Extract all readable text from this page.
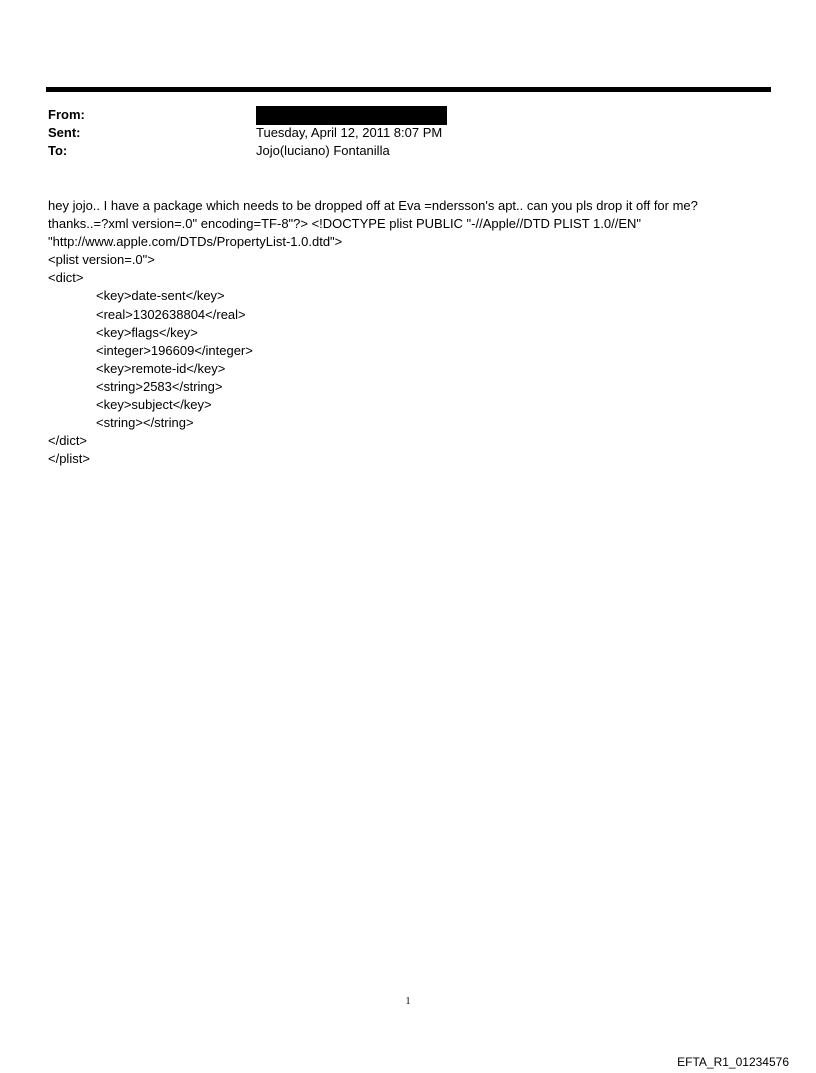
From:
Sent:	Tuesday, April 12, 2011 8:07 PM
To:	Jojo(luciano) Fontanilla
hey jojo.. I have a package which needs to be dropped off at Eva =ndersson's apt.. can you pls drop it off for me?
thanks..=?xml version=.0" encoding=TF-8"?> <!DOCTYPE plist PUBLIC "-//Apple//DTD PLIST 1.0//EN"
"http://www.apple.com/DTDs/PropertyList-1.0.dtd">
<plist version=.0">
<dict>
<key>date-sent</key>
<real>1302638804</real>
<key>flags</key>
<integer>196609</integer>
<key>remote-id</key>
<string>2583</string>
<key>subject</key>
<string></string>
</dict>
</plist>
1
EFTA_R1_01234576
